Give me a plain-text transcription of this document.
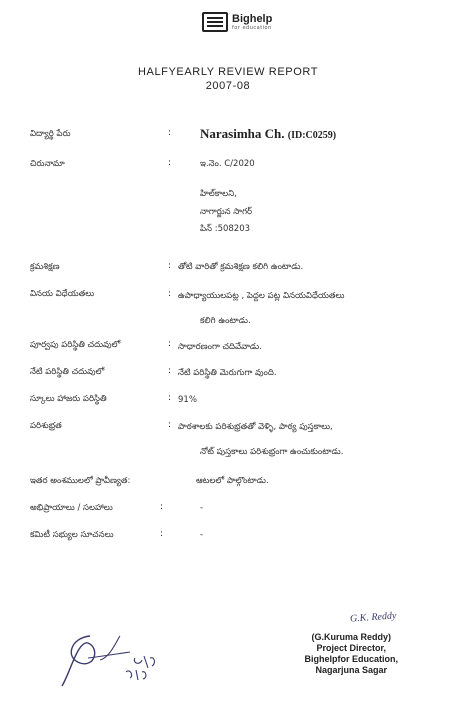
Bighelp
for education
HALFYEARLY REVIEW REPORT
2007-08
విద్యార్థి పేరు	: Narasimha Ch. (ID:C0259)
చిరునామా	:	ఇ.నెం. C/2020
హిల్‌కాలని,
నాగార్జున సాగర్
పిన్ :508203
క్రమశిక్షణ	: తోటి వారితో క్రమశిక్షణ కలిగి ఉంటాడు.
వినయ విధేయతలు	: ఉపాధ్యాయులపట్ల , పెద్దల పట్ల వినయవిధేయతలు
కలిగి ఉంటాడు.
పూర్వపు పరిస్థితి చదువులో	: సాధారణంగా చదివేవాడు.
నేటి పరిస్థితి చదువులో	: నేటి పరిస్థితి మెరుగుగా వుంది.
స్కూలు హాజరు పరిస్థితి	: 91%
పరిశుభ్రత	: పాఠశాలకు పరిశుభ్రతతో వెళ్ళి, పాఠ్య పుస్తకాలు,
నోట్ పుస్తకాలు పరిశుభ్రంగా ఉంచుకుంటాడు.
ఇతర అంశములలో ప్రావీణ్యత:	ఆటలలో పాల్గొంటాడు.
అభిప్రాయాలు / సలహాలు	:	-
కమిటీ సభ్యుల సూచనలు	:	-
G.K. Reddy
(G.Kuruma Reddy)
Project Director,
Bighelpfor Education,
Nagarjuna Sagar
